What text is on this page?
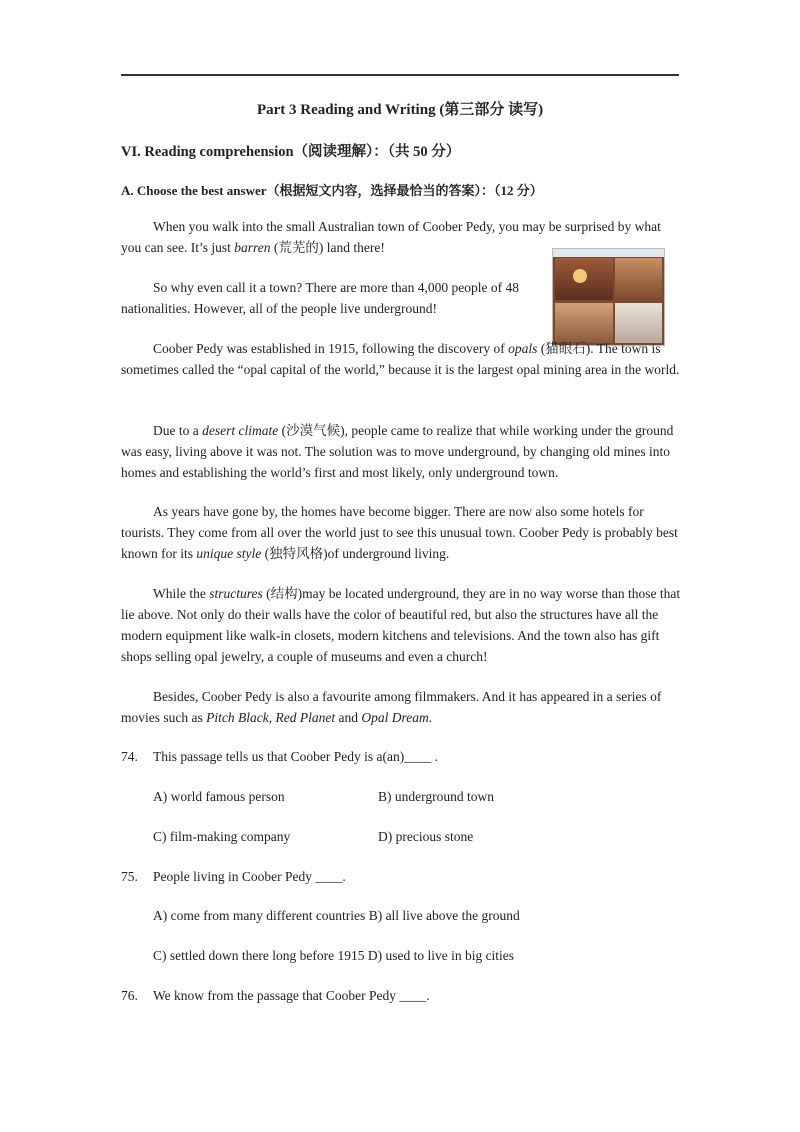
Part 3 Reading and Writing (第三部分 读写)
VI. Reading comprehension（阅读理解）：（共 50 分）
A. Choose the best answer（根据短文内容，选择最恰当的答案）：（12 分）

When you walk into the small Australian town of Coober Pedy, you may be surprised by what you can see. It’s just barren (荒芜的) land there!

So why even call it a town? There are more than 4,000 people of 48 nationalities. However, all of the people live underground!

Coober Pedy was established in 1915, following the discovery of opals (猫眼石). The town is sometimes called the “opal capital of the world,” because it is the largest opal mining area in the world.

Due to a desert climate (沙漠气候), people came to realize that while working under the ground was easy, living above it was not. The solution was to move underground, by changing old mines into homes and establishing the world’s first and most likely, only underground town.

As years have gone by, the homes have become bigger. There are now also some hotels for tourists. They come from all over the world just to see this unusual town. Coober Pedy is probably best known for its unique style (独特风格)of underground living.

While the structures (结构)may be located underground, they are in no way worse than those that lie above. Not only do their walls have the color of beautiful red, but also the structures have all the modern equipment like walk-in closets, modern kitchens and televisions. And the town also has gift shops selling opal jewelry, a couple of museums and even a church!

Besides, Coober Pedy is also a favourite among filmmakers. And it has appeared in a series of movies such as Pitch Black, Red Planet and Opal Dream.

74. This passage tells us that Coober Pedy is a(an)____ .
A) world famous person	B) underground town
C) film-making company	D) precious stone
75. People living in Coober Pedy ____.
A) come from many different countries B) all live above the ground
C) settled down there long before 1915 D) used to live in big cities
76. We know from the passage that Coober Pedy ____.
